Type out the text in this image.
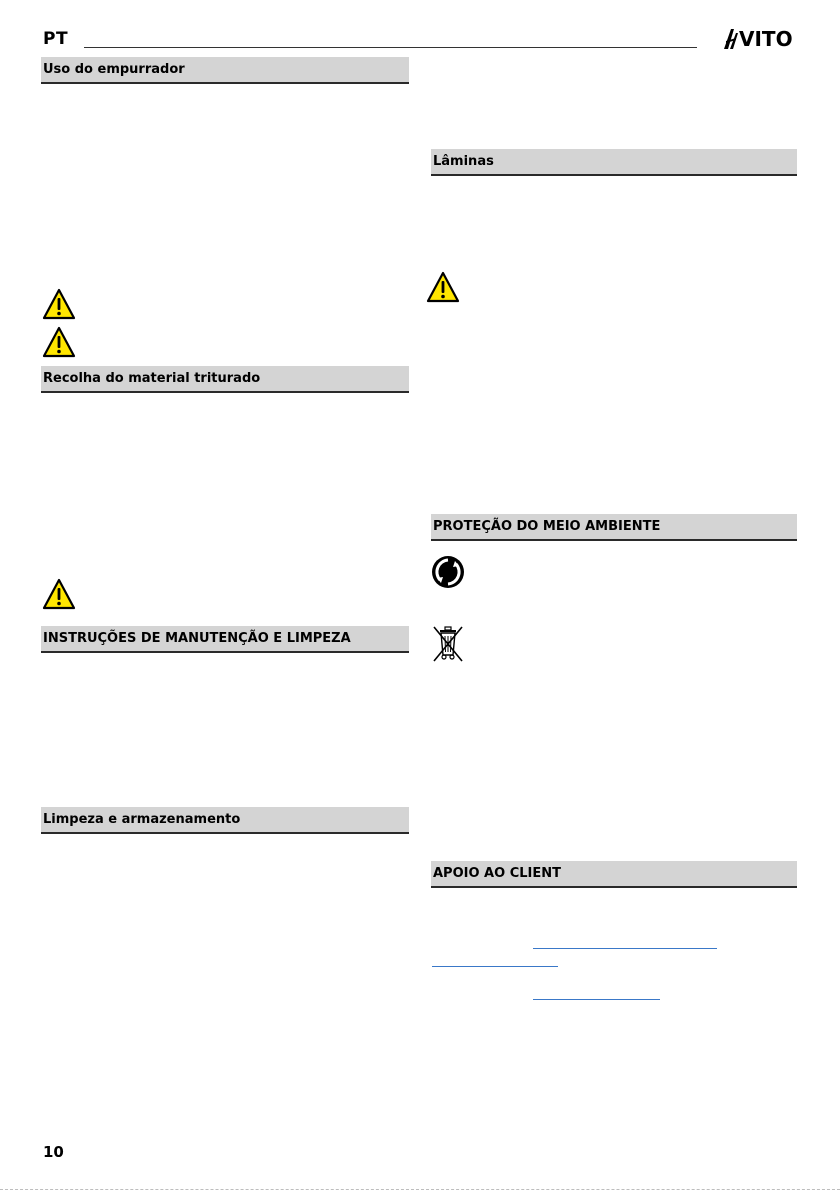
PT	VITO
Uso do empurrador
Recolha do material triturado
INSTRUÇÕES DE MANUTENÇÃO E LIMPEZA
Limpeza e armazenamento
Lâminas
PROTEÇÃO DO MEIO AMBIENTE
APOIO AO CLIENT
10
